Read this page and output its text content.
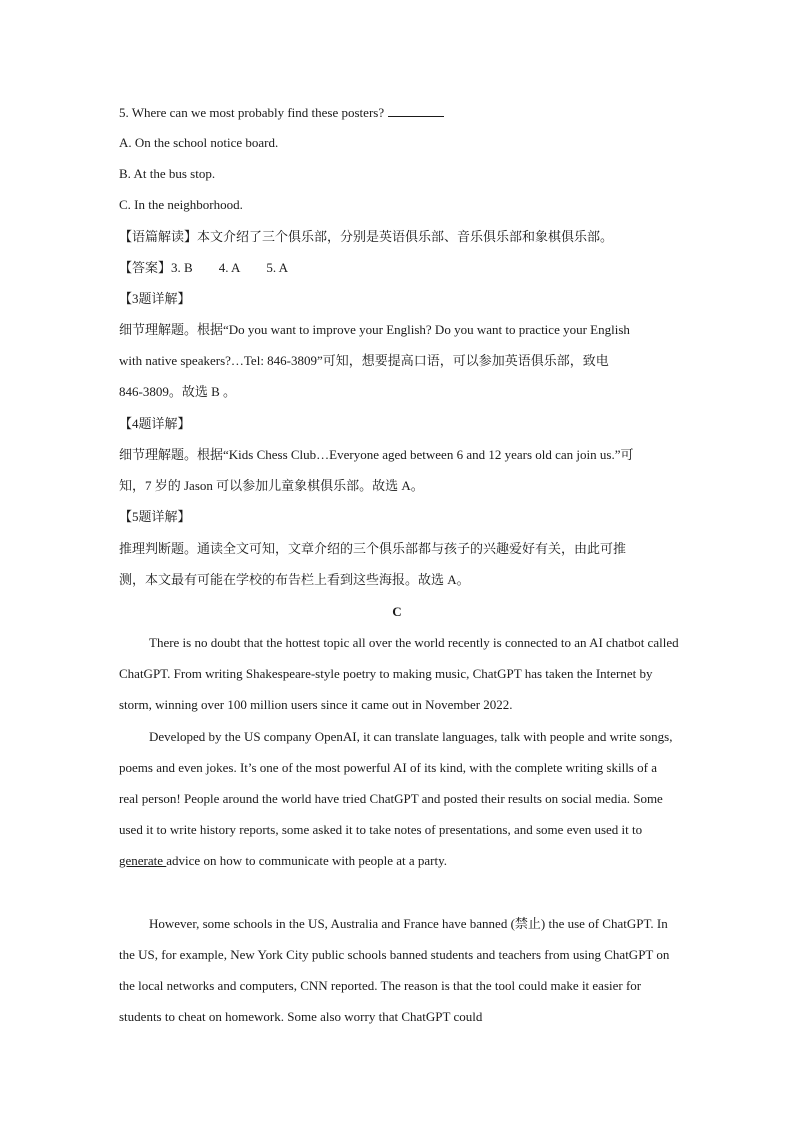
5. Where can we most probably find these posters?
A. On the school notice board.
B. At the bus stop.
C. In the neighborhood.
【语篇解读】本文介绍了三个俱乐部，分别是英语俱乐部、音乐俱乐部和象棋俱乐部。
【答案】3. B 4. A 5. A
【3题详解】
细节理解题。根据“Do you want to improve your English? Do you want to practice your English
with native speakers?…Tel: 846-3809”可知，想要提高口语，可以参加英语俱乐部，致电
846-3809。故选 B 。
【4题详解】
细节理解题。根据“Kids Chess Club…Everyone aged between 6 and 12 years old can join us.”可
知，7 岁的 Jason 可以参加儿童象棋俱乐部。故选 A。
【5题详解】
推理判断题。通读全文可知，文章介绍的三个俱乐部都与孩子的兴趣爱好有关，由此可推
测，本文最有可能在学校的布告栏上看到这些海报。故选 A。
C

There is no doubt that the hottest topic all over the world recently is connected to an AI chatbot called ChatGPT. From writing Shakespeare-style poetry to making music, ChatGPT has taken the Internet by storm, winning over 100 million users since it came out in November 2022.

Developed by the US company OpenAI, it can translate languages, talk with people and write songs, poems and even jokes. It’s one of the most powerful AI of its kind, with the complete writing skills of a real person! People around the world have tried ChatGPT and posted their results on social media. Some used it to write history reports, some asked it to take notes of presentations, and some even used it to generate advice on how to communicate with people at a party.

However, some schools in the US, Australia and France have banned (禁止) the use of ChatGPT. In the US, for example, New York City public schools banned students and teachers from using ChatGPT on the local networks and computers, CNN reported. The reason is that the tool could make it easier for students to cheat on homework. Some also worry that ChatGPT could
